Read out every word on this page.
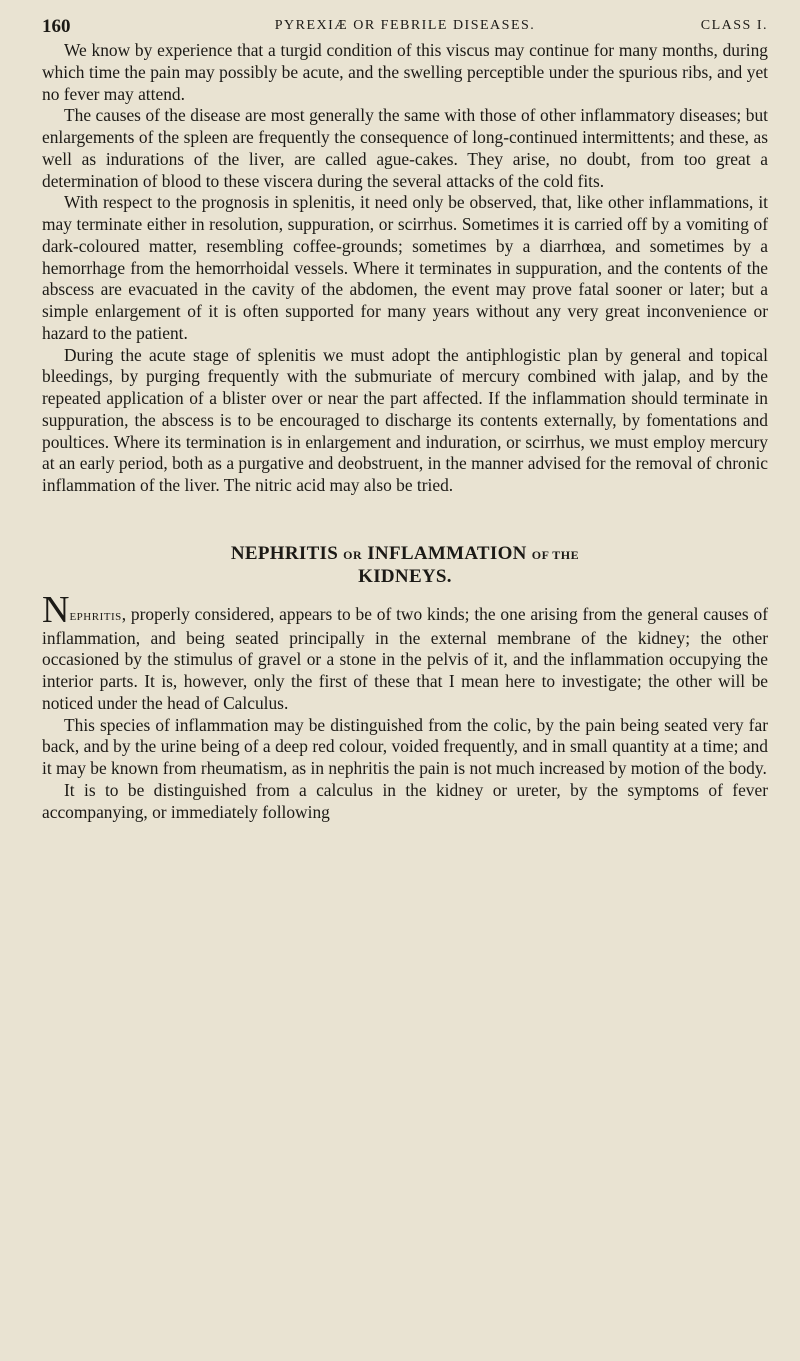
160	PYREXIÆ OR FEBRILE DISEASES.	CLASS I.

We know by experience that a turgid condition of this viscus may continue for many months, during which time the pain may possibly be acute, and the swelling perceptible under the spurious ribs, and yet no fever may attend.

The causes of the disease are most generally the same with those of other inflammatory diseases; but enlargements of the spleen are frequently the consequence of long-continued intermittents; and these, as well as indurations of the liver, are called ague-cakes. They arise, no doubt, from too great a determination of blood to these viscera during the several attacks of the cold fits.

With respect to the prognosis in splenitis, it need only be observed, that, like other inflammations, it may terminate either in resolution, suppuration, or scirrhus. Sometimes it is carried off by a vomiting of dark-coloured matter, resembling coffee-grounds; sometimes by a diarrhœa, and sometimes by a hemorrhage from the hemorrhoidal vessels. Where it terminates in suppuration, and the contents of the abscess are evacuated in the cavity of the abdomen, the event may prove fatal sooner or later; but a simple enlargement of it is often supported for many years without any very great inconvenience or hazard to the patient.

During the acute stage of splenitis we must adopt the antiphlogistic plan by general and topical bleedings, by purging frequently with the submuriate of mercury combined with jalap, and by the repeated application of a blister over or near the part affected. If the inflammation should terminate in suppuration, the abscess is to be encouraged to discharge its contents externally, by fomentations and poultices. Where its termination is in enlargement and induration, or scirrhus, we must employ mercury at an early period, both as a purgative and deobstruent, in the manner advised for the removal of chronic inflammation of the liver. The nitric acid may also be tried.

NEPHRITIS OR INFLAMMATION OF THE
KIDNEYS.

Nephritis, properly considered, appears to be of two kinds; the one arising from the general causes of inflammation, and being seated principally in the external membrane of the kidney; the other occasioned by the stimulus of gravel or a stone in the pelvis of it, and the inflammation occupying the interior parts. It is, however, only the first of these that I mean here to investigate; the other will be noticed under the head of Calculus.

This species of inflammation may be distinguished from the colic, by the pain being seated very far back, and by the urine being of a deep red colour, voided frequently, and in small quantity at a time; and it may be known from rheumatism, as in nephritis the pain is not much increased by motion of the body.

It is to be distinguished from a calculus in the kidney or ureter, by the symptoms of fever accompanying, or immediately following
